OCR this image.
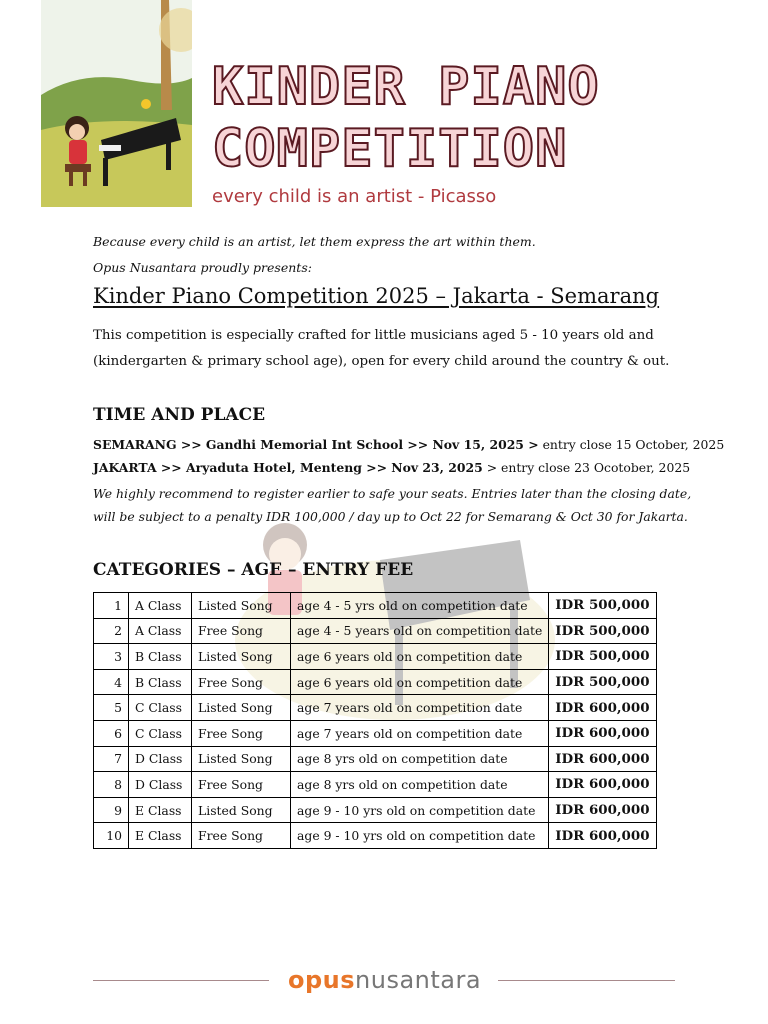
KINDER PIANO
COMPETITION
every child is an artist - Picasso
Because every child is an artist, let them express the art within them.
Opus Nusantara proudly presents:
Kinder Piano Competition 2025 – Jakarta - Semarang
This competition is especially crafted for little musicians aged 5 - 10 years old and (kindergarten & primary school age), open for every child around the country & out.
TIME AND PLACE
SEMARANG >> Gandhi Memorial Int School >> Nov 15, 2025 > entry close 15 October, 2025
JAKARTA >> Aryaduta Hotel, Menteng >> Nov 23, 2025 > entry close 23 Ocotober, 2025
We highly recommend to register earlier to safe your seats. Entries later than the closing date, will be subject to a penalty IDR 100,000 / day up to Oct 22 for Semarang & Oct 30 for Jakarta.
CATEGORIES – AGE – ENTRY FEE
1	A Class	Listed Song	age 4 - 5 yrs old on competition date	IDR 500,000
2	A Class	Free Song	age 4 - 5 years old on competition date	IDR 500,000
3	B Class	Listed Song	age 6 years old on competition date	IDR 500,000
4	B Class	Free Song	age 6 years old on competition date	IDR 500,000
5	C Class	Listed Song	age 7 years old on competition date	IDR 600,000
6	C Class	Free Song	age 7 years old on competition date	IDR 600,000
7	D Class	Listed Song	age 8 yrs old on competition date	IDR 600,000
8	D Class	Free Song	age 8 yrs old on competition date	IDR 600,000
9	E Class	Listed Song	age 9 - 10 yrs old on competition date	IDR 600,000
10	E Class	Free Song	age 9 - 10 yrs old on competition date	IDR 600,000
opusnusantara
